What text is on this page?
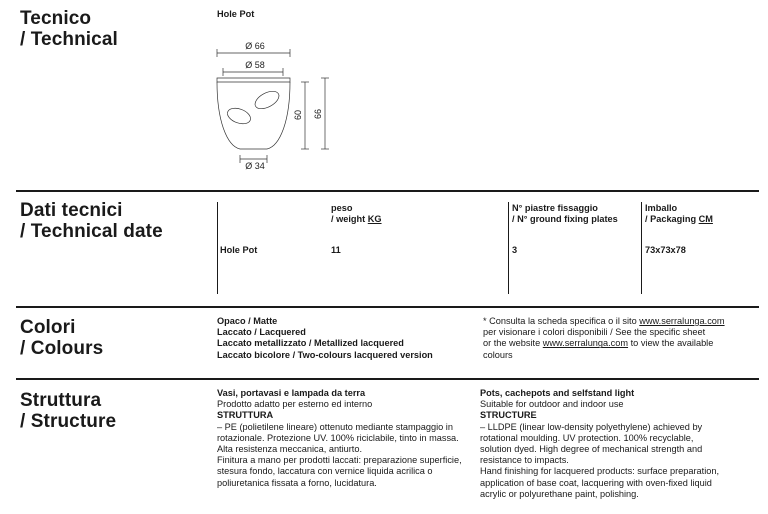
Tecnico
/ Technical
Hole Pot
Ø 66
Ø 58
Ø 34
60 66
Dati tecnici
/ Technical date
Hole Pot
peso
/ weight KG
11
N° piastre fissaggio
/ N° ground fixing plates
3
Imballo
/ Packaging CM
73x73x78
Colori
/ Colours
Opaco / Matte
Laccato / Lacquered
Laccato metallizzato / Metallized lacquered
Laccato bicolore / Two-colours lacquered version
* Consulta la scheda specifica o il sito www.serralunga.com
per visionare i colori disponibili / See the specific sheet
or the website www.serralunga.com to view the available
colours
Struttura
/ Structure
Vasi, portavasi e lampada da terra
Prodotto adatto per esterno ed interno
STRUTTURA
– PE (polietilene lineare) ottenuto mediante stampaggio in
rotazionale. Protezione UV. 100% riciclabile, tinto in massa.
Alta resistenza meccanica, antiurto.
Finitura a mano per prodotti laccati: preparazione superficie,
stesura fondo, laccatura con vernice liquida acrilica o
poliuretanica fissata a forno, lucidatura.
Pots, cachepots and selfstand light
Suitable for outdoor and indoor use
STRUCTURE
– LLDPE (linear low-density polyethylene) achieved by
rotational moulding. UV protection. 100% recyclable,
solution dyed. High degree of mechanical strength and
resistance to impacts.
Hand finishing for lacquered products: surface preparation,
application of base coat, lacquering with oven-fixed liquid
acrylic or polyurethane paint, polishing.
